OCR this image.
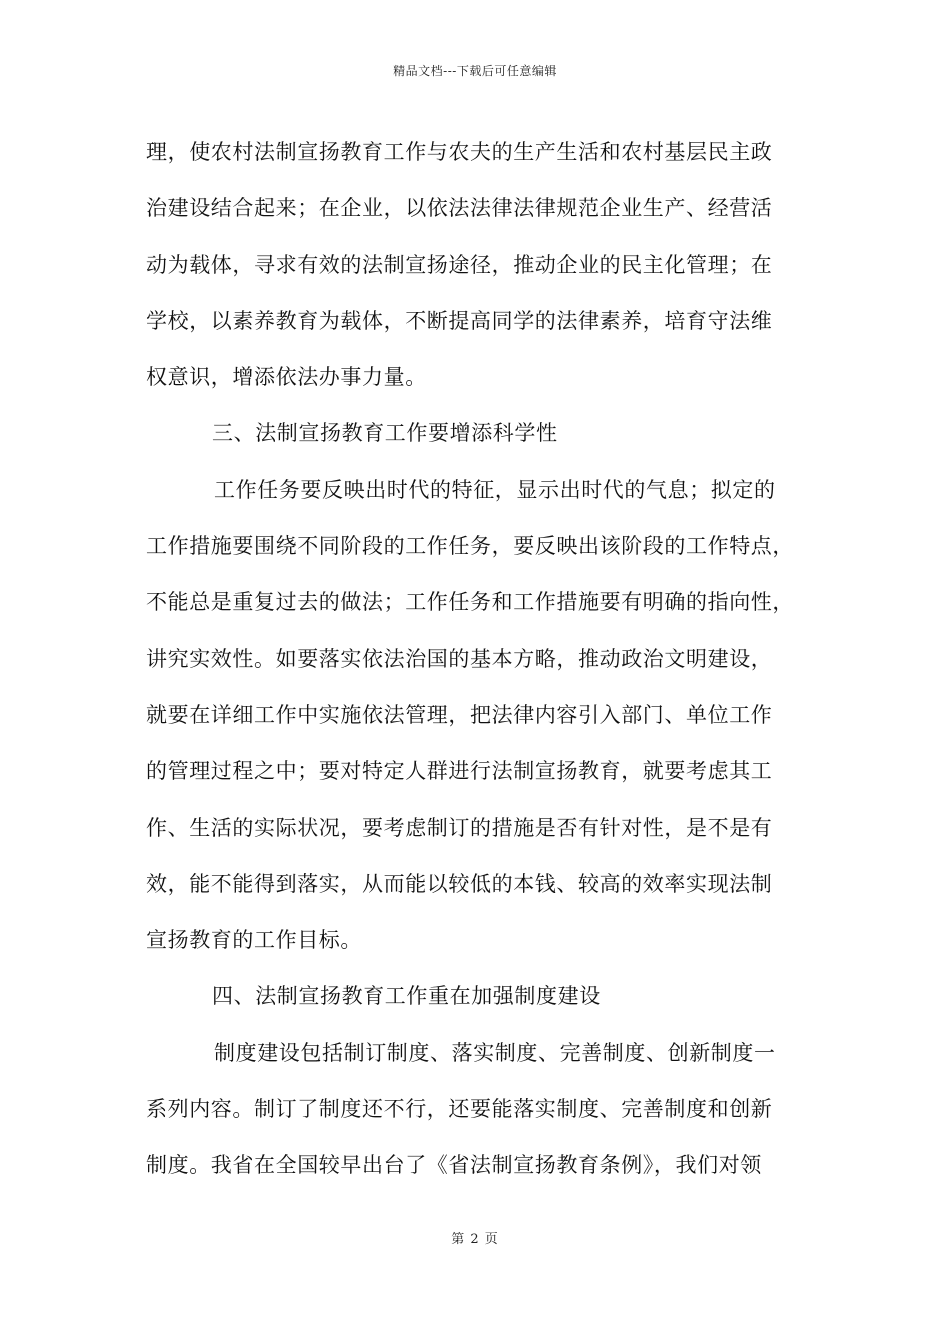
精品文档---下载后可任意编辑
理，使农村法制宣扬教育工作与农夫的生产生活和农村基层民主政
治建设结合起来；在企业，以依法法律法律规范企业生产、经营活
动为载体，寻求有效的法制宣扬途径，推动企业的民主化管理；在
学校，以素养教育为载体，不断提高同学的法律素养，培育守法维
权意识，增添依法办事力量。
三、法制宣扬教育工作要增添科学性
工作任务要反映出时代的特征，显示出时代的气息；拟定的
工作措施要围绕不同阶段的工作任务，要反映出该阶段的工作特点，
不能总是重复过去的做法；工作任务和工作措施要有明确的指向性，
讲究实效性。如要落实依法治国的基本方略，推动政治文明建设，
就要在详细工作中实施依法管理，把法律内容引入部门、单位工作
的管理过程之中；要对特定人群进行法制宣扬教育，就要考虑其工
作、生活的实际状况，要考虑制订的措施是否有针对性，是不是有
效，能不能得到落实，从而能以较低的本钱、较高的效率实现法制
宣扬教育的工作目标。
四、法制宣扬教育工作重在加强制度建设
制度建设包括制订制度、落实制度、完善制度、创新制度一
系列内容。制订了制度还不行，还要能落实制度、完善制度和创新
制度。我省在全国较早出台了《省法制宣扬教育条例》，我们对领
第 2 页
